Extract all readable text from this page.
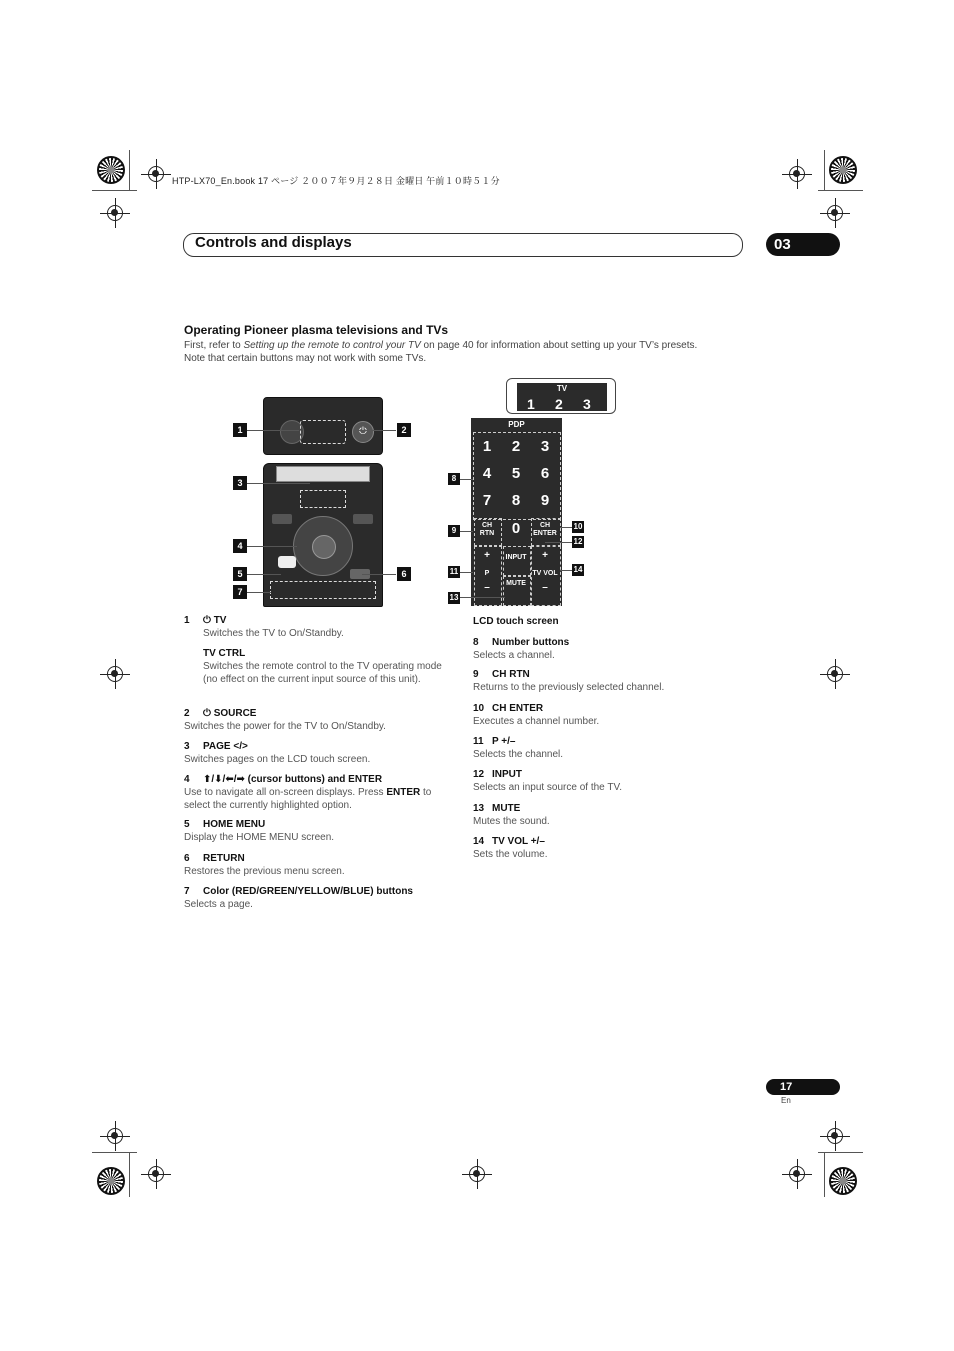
HTP-LX70_En.book 17 ページ ２００７年９月２８日 金曜日 午前１０時５１分
Controls and displays	03
Operating Pioneer plasma televisions and TVs
First, refer to Setting up the remote to control your TV on page 40 for information about setting up your TV’s presets.
Note that certain buttons may not work with some TVs.
⏻
1	2
3
4
5	6
7
TV
1 2 3
PDP
1	2	3
4	5	6
7	8	9
CH
RTN	0	CH
ENTER
+
P
–
INPUT
MUTE
+
TV VOL
–
8
9	10
11
12
13
14
1 ⏻ TV
Switches the TV to On/Standby.
TV CTRL
Switches the remote control to the TV operating mode (no effect on the current input source of this unit).
2 ⏻ SOURCE
Switches the power for the TV to On/Standby.
3 PAGE </>
Switches pages on the LCD touch screen.
4 ⬆/⬇/⬅/➡ (cursor buttons) and ENTER
Use to navigate all on-screen displays. Press ENTER to select the currently highlighted option.
5 HOME MENU
Display the HOME MENU screen.
6 RETURN
Restores the previous menu screen.
7 Color (RED/GREEN/YELLOW/BLUE) buttons
Selects a page.
LCD touch screen
8 Number buttons
Selects a channel.
9 CH RTN
Returns to the previously selected channel.
10 CH ENTER
Executes a channel number.
11 P +/–
Selects the channel.
12 INPUT
Selects an input source of the TV.
13 MUTE
Mutes the sound.
14 TV VOL +/–
Sets the volume.
17
En
